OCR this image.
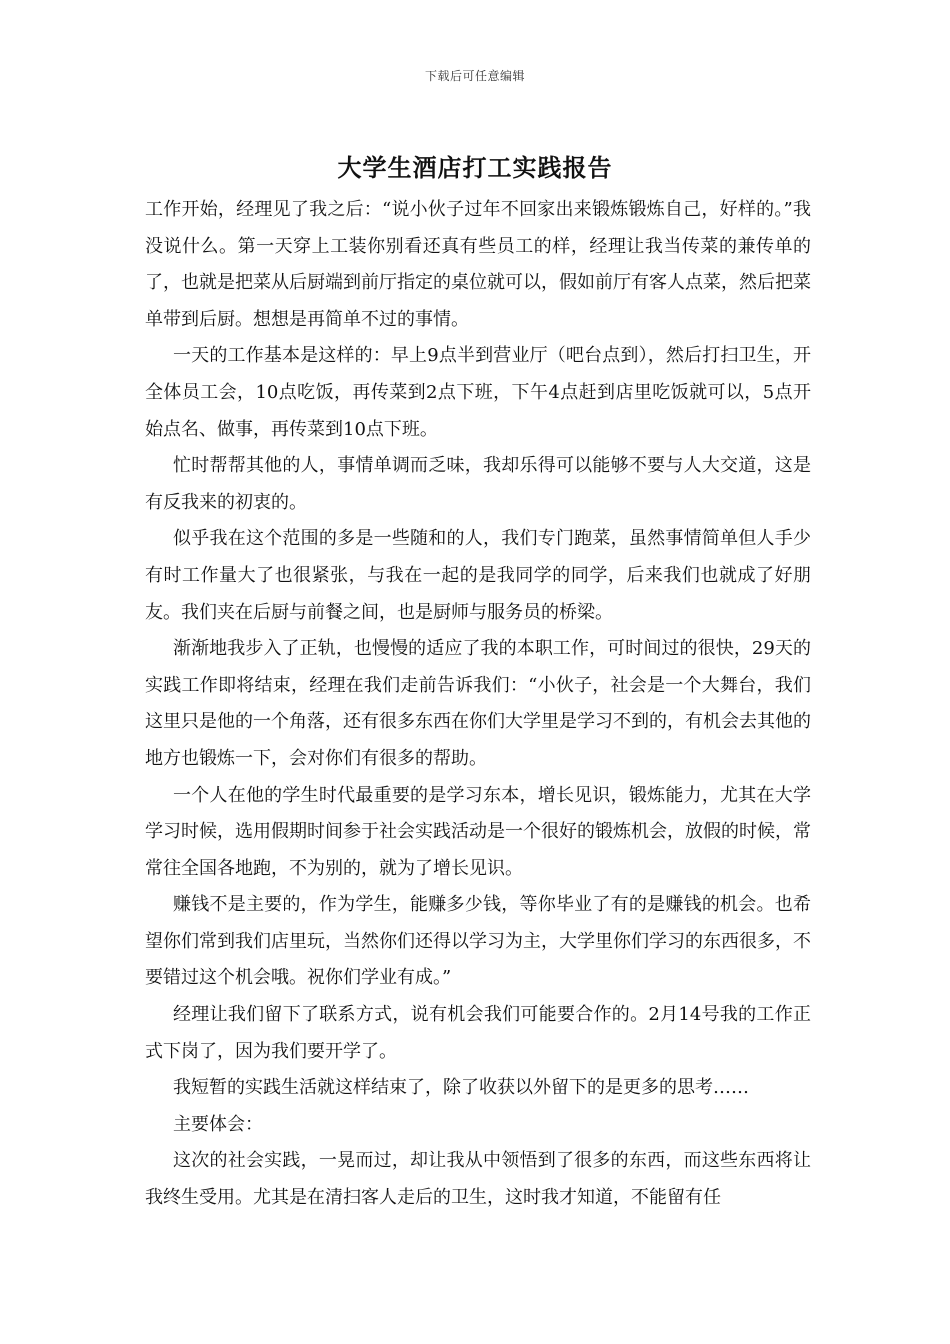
下载后可任意编辑
大学生酒店打工实践报告

工作开始，经理见了我之后：“说小伙子过年不回家出来锻炼锻炼自己，好样的。”我没说什么。第一天穿上工装你别看还真有些员工的样，经理让我当传菜的兼传单的了，也就是把菜从后厨端到前厅指定的桌位就可以，假如前厅有客人点菜，然后把菜单带到后厨。想想是再简单不过的事情。

一天的工作基本是这样的：早上9点半到营业厅（吧台点到），然后打扫卫生，开全体员工会，10点吃饭，再传菜到2点下班，下午4点赶到店里吃饭就可以，5点开始点名、做事，再传菜到10点下班。

忙时帮帮其他的人，事情单调而乏味，我却乐得可以能够不要与人大交道，这是有反我来的初衷的。

似乎我在这个范围的多是一些随和的人，我们专门跑菜，虽然事情简单但人手少有时工作量大了也很紧张，与我在一起的是我同学的同学，后来我们也就成了好朋友。我们夹在后厨与前餐之间，也是厨师与服务员的桥梁。

渐渐地我步入了正轨，也慢慢的适应了我的本职工作，可时间过的很快，29天的实践工作即将结束，经理在我们走前告诉我们：“小伙子，社会是一个大舞台，我们这里只是他的一个角落，还有很多东西在你们大学里是学习不到的，有机会去其他的地方也锻炼一下，会对你们有很多的帮助。

一个人在他的学生时代最重要的是学习东本，增长见识，锻炼能力，尤其在大学学习时候，选用假期时间参于社会实践活动是一个很好的锻炼机会，放假的时候，常常往全国各地跑，不为别的，就为了增长见识。

赚钱不是主要的，作为学生，能赚多少钱，等你毕业了有的是赚钱的机会。也希望你们常到我们店里玩，当然你们还得以学习为主，大学里你们学习的东西很多，不要错过这个机会哦。祝你们学业有成。”

经理让我们留下了联系方式，说有机会我们可能要合作的。2月14号我的工作正式下岗了，因为我们要开学了。

我短暂的实践生活就这样结束了，除了收获以外留下的是更多的思考……

主要体会：

这次的社会实践，一晃而过，却让我从中领悟到了很多的东西，而这些东西将让我终生受用。尤其是在清扫客人走后的卫生，这时我才知道，不能留有任
